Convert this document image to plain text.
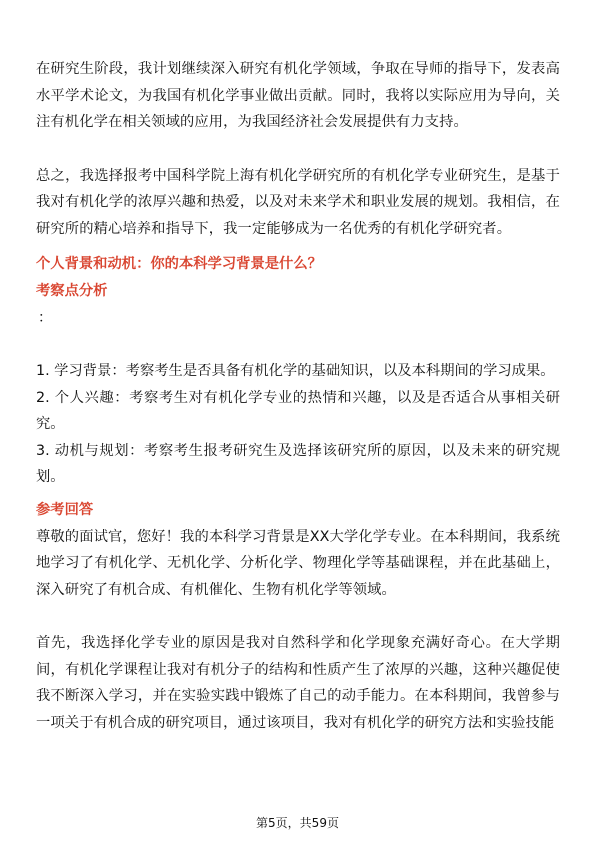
在研究生阶段，我计划继续深入研究有机化学领域，争取在导师的指导下，发表高水平学术论文，为我国有机化学事业做出贡献。同时，我将以实际应用为导向，关注有机化学在相关领域的应用，为我国经济社会发展提供有力支持。

总之，我选择报考中国科学院上海有机化学研究所的有机化学专业研究生，是基于我对有机化学的浓厚兴趣和热爱，以及对未来学术和职业发展的规划。我相信，在研究所的精心培养和指导下，我一定能够成为一名优秀的有机化学研究者。

个人背景和动机：你的本科学习背景是什么？

考察点分析

：

1. 学习背景：考察考生是否具备有机化学的基础知识，以及本科期间的学习成果。

2. 个人兴趣：考察考生对有机化学专业的热情和兴趣，以及是否适合从事相关研究。

3. 动机与规划：考察考生报考研究生及选择该研究所的原因，以及未来的研究规划。

参考回答

尊敬的面试官，您好！我的本科学习背景是XX大学化学专业。在本科期间，我系统地学习了有机化学、无机化学、分析化学、物理化学等基础课程，并在此基础上，深入研究了有机合成、有机催化、生物有机化学等领域。

首先，我选择化学专业的原因是我对自然科学和化学现象充满好奇心。在大学期间，有机化学课程让我对有机分子的结构和性质产生了浓厚的兴趣，这种兴趣促使我不断深入学习，并在实验实践中锻炼了自己的动手能力。在本科期间，我曾参与一项关于有机合成的研究项目，通过该项目，我对有机化学的研究方法和实验技能

第5页，共59页
